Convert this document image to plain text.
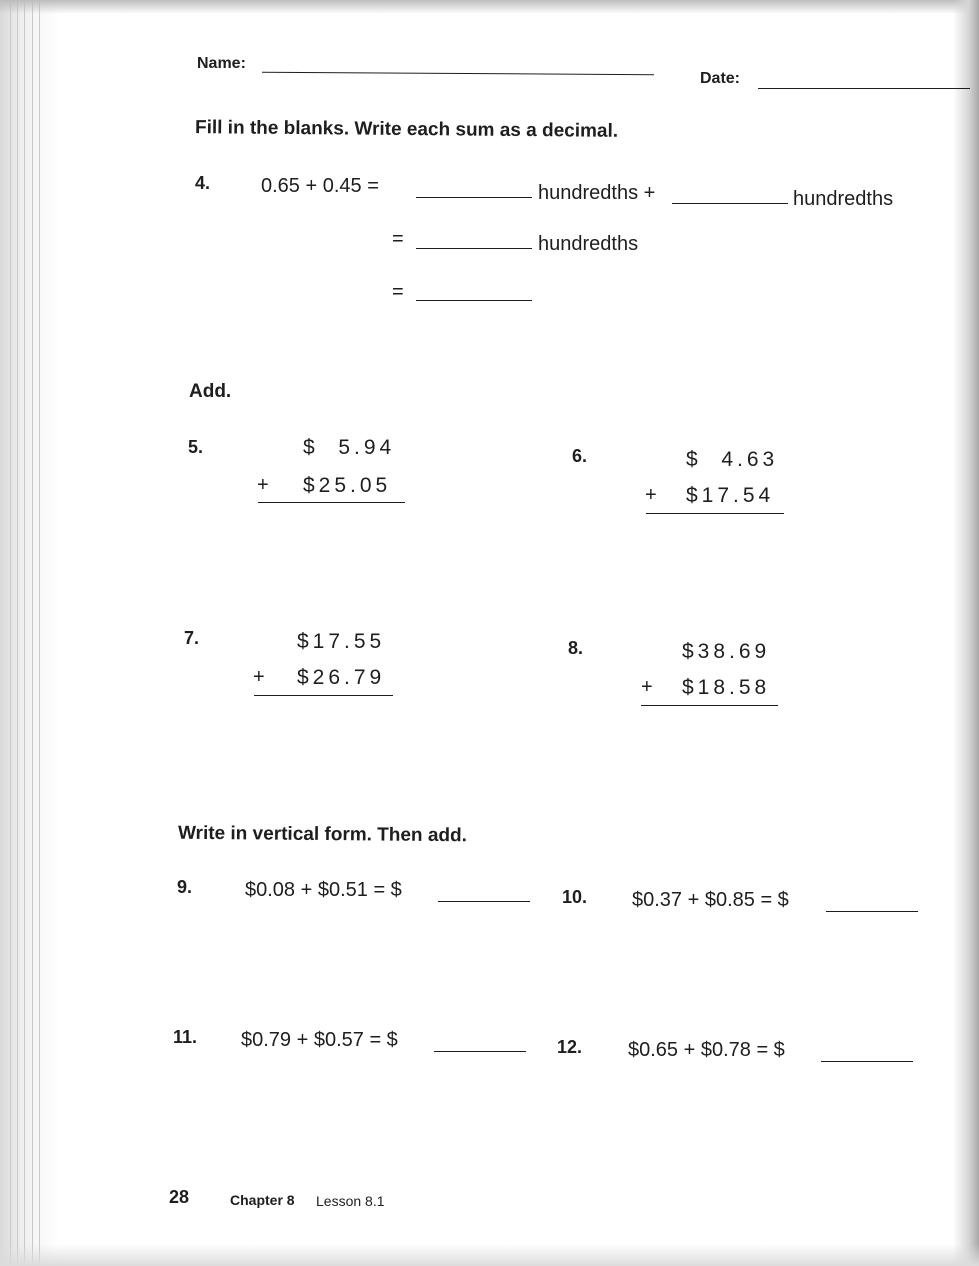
Name:
Date:
Fill in the blanks. Write each sum as a decimal.
4.	0.65 + 0.45 =	hundredths +	hundredths
=	hundredths
=
Add.
5.	$  5.94
+ $25.05
6.	$  4.63
+ $17.54
7.	$17.55
+ $26.79
8.	$38.69
+ $18.58
Write in vertical form. Then add.
9.	$0.08 + $0.51 = $	10. $0.37 + $0.85 = $
11. $0.79 + $0.57 = $	12. $0.65 + $0.78 = $
28	Chapter 8 Lesson 8.1
